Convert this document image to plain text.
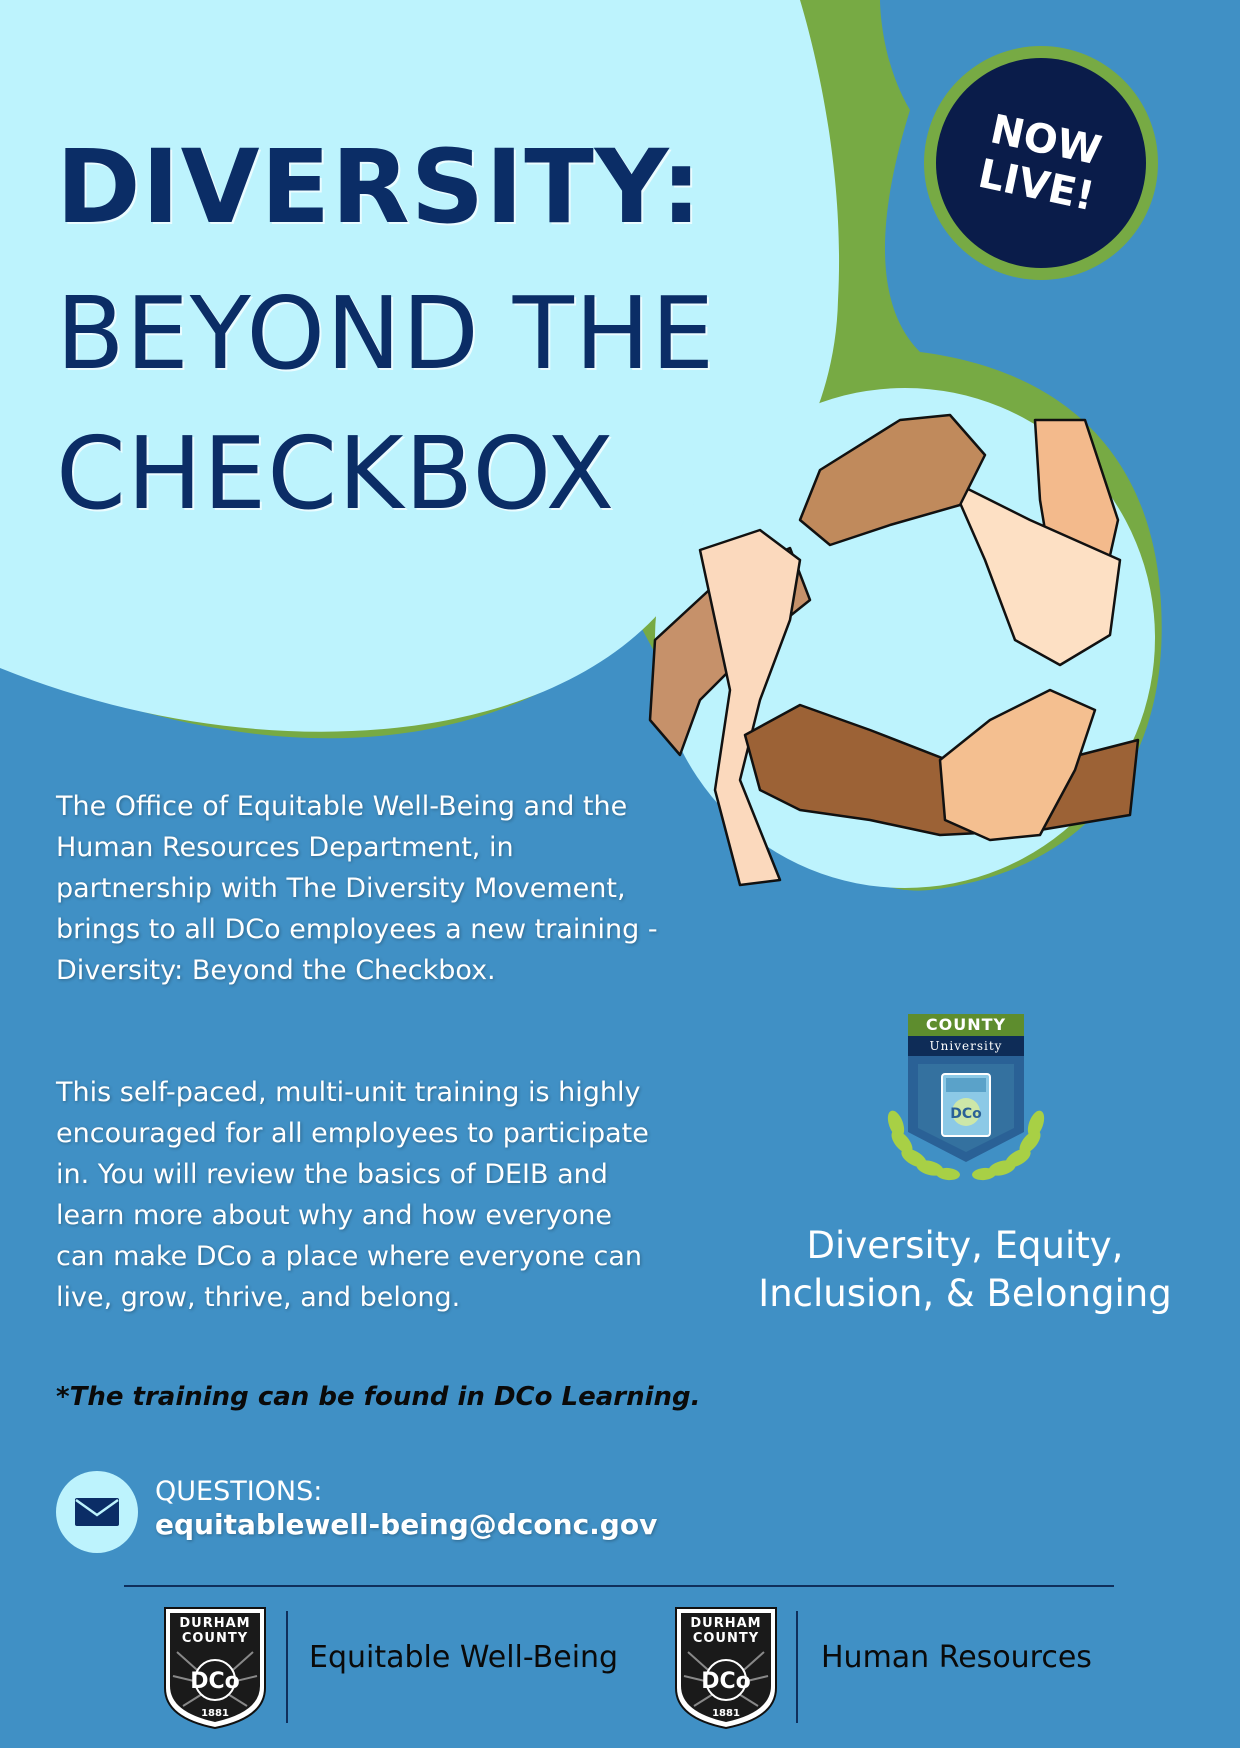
DIVERSITY:
BEYOND THE
CHECKBOX
NOW LIVE!

The Office of Equitable Well-Being and the Human Resources Department, in partnership with The Diversity Movement, brings to all DCo employees a new training - Diversity: Beyond the Checkbox.

This self-paced, multi-unit training is highly encouraged for all employees to participate in. You will review the basics of DEIB and learn more about why and how everyone can make DCo a place where everyone can live, grow, thrive, and belong.

*The training can be found in DCo Learning.

QUESTIONS:
equitablewell-being@dconc.gov
DCo
COUNTY
University

Diversity, Equity, Inclusion, & Belonging

DCo
DURHAM COUNTY
1881

Equitable Well-Being

DCo
DURHAM COUNTY
1881

Human Resources
